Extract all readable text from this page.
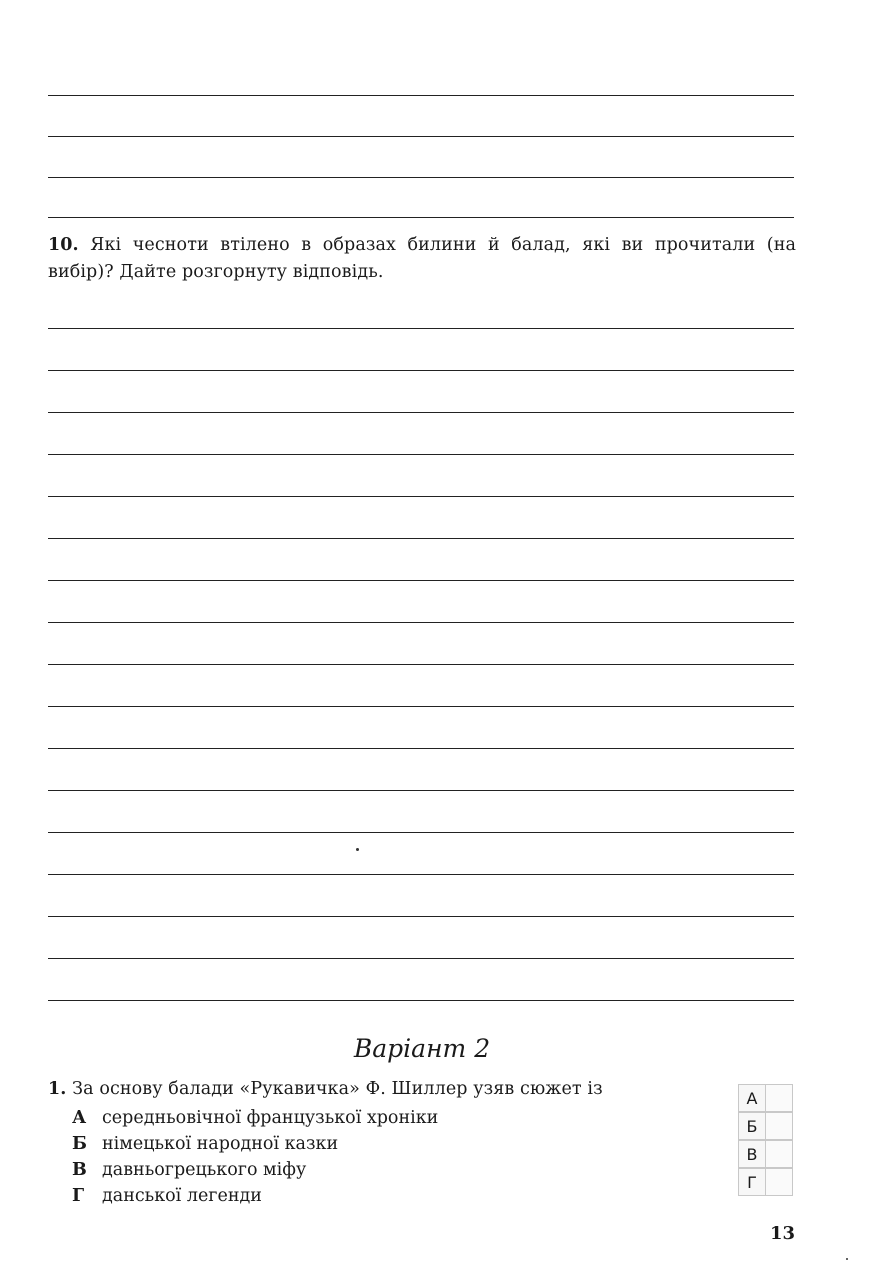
10. Які чесноти втілено в образах билини й балад, які ви прочитали (на вибір)? Дайте розгорнуту відповідь.
Варіант 2
1. За основу балади «Рукавичка» Ф. Шиллер узяв сюжет із
А середньовічної французької хроніки
Б німецької народної казки
В давньогрецького міфу
Г данської легенди
А
Б
В
Г
13
